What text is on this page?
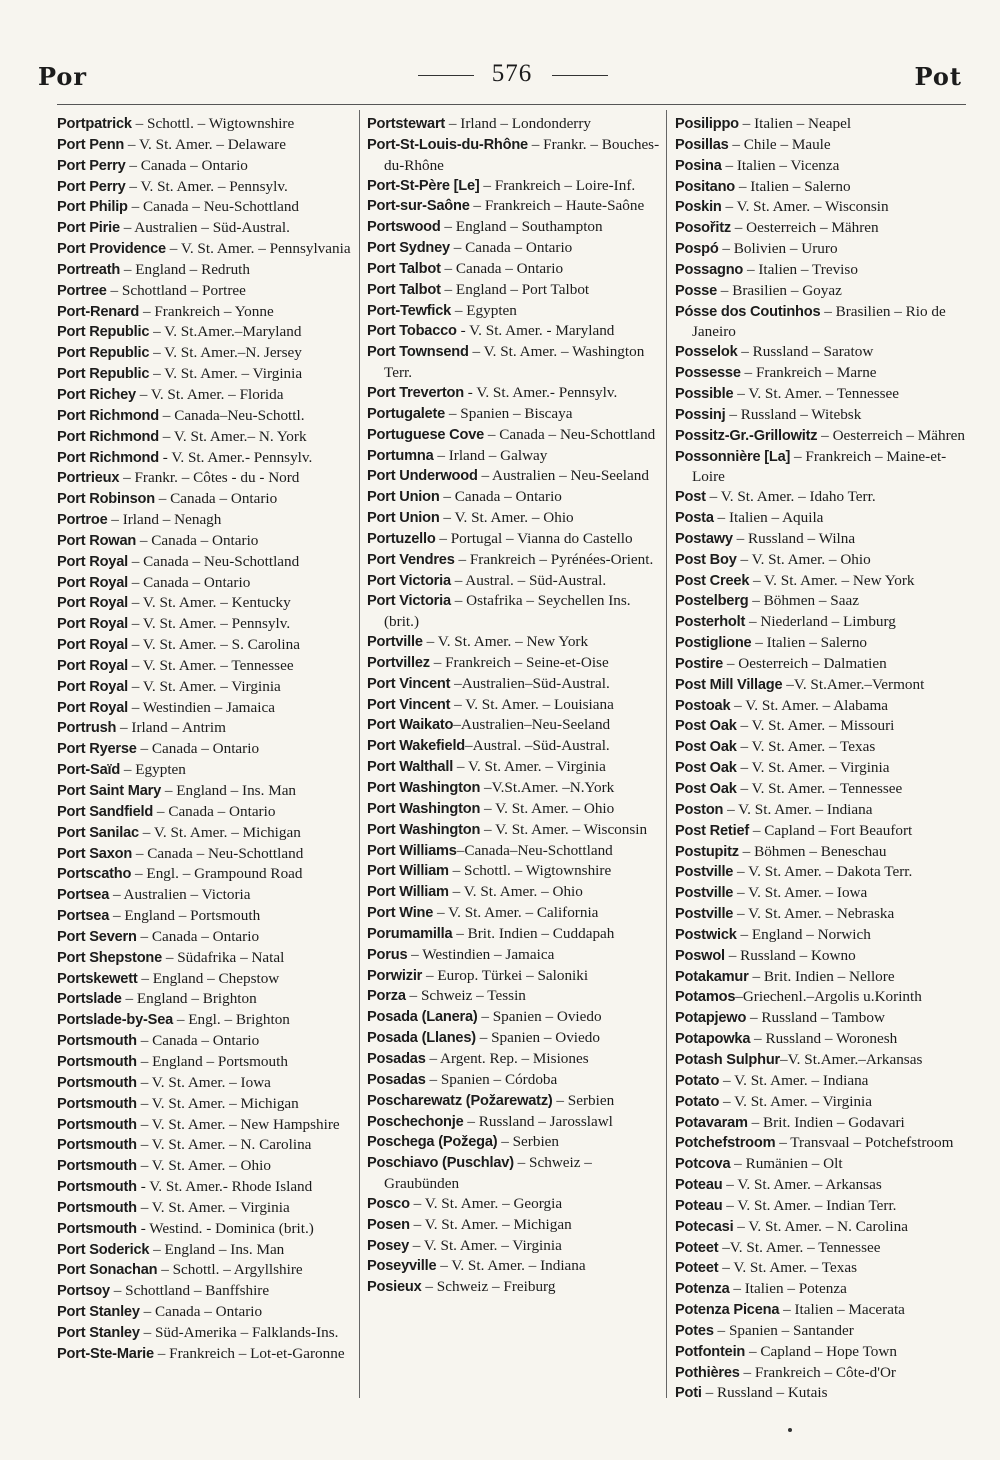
Por	576	Pot
Portpatrick – Schottl. – Wigtownshire
Port Penn – V. St. Amer. – Delaware
Port Perry – Canada – Ontario
Port Perry – V. St. Amer. – Pennsylv.
Port Philip – Canada – Neu-Schottland
Port Pirie – Australien – Süd-Austral.
Port Providence – V. St. Amer. – Pennsylvania
Portreath – England – Redruth
Portree – Schottland – Portree
Port-Renard – Frankreich – Yonne
Port Republic – V. St.Amer.–Maryland
Port Republic – V. St. Amer.–N. Jersey
Port Republic – V. St. Amer. – Virginia
Port Richey – V. St. Amer. – Florida
Port Richmond – Canada–Neu-Schottl.
Port Richmond – V. St. Amer.– N. York
Port Richmond - V. St. Amer.- Pennsylv.
Portrieux – Frankr. – Côtes - du - Nord
Port Robinson – Canada – Ontario
Portroe – Irland – Nenagh
Port Rowan – Canada – Ontario
Port Royal – Canada – Neu-Schottland
Port Royal – Canada – Ontario
Port Royal – V. St. Amer. – Kentucky
Port Royal – V. St. Amer. – Pennsylv.
Port Royal – V. St. Amer. – S. Carolina
Port Royal – V. St. Amer. – Tennessee
Port Royal – V. St. Amer. – Virginia
Port Royal – Westindien – Jamaica
Portrush – Irland – Antrim
Port Ryerse – Canada – Ontario
Port-Saïd – Egypten
Port Saint Mary – England – Ins. Man
Port Sandfield – Canada – Ontario
Port Sanilac – V. St. Amer. – Michigan
Port Saxon – Canada – Neu-Schottland
Portscatho – Engl. – Grampound Road
Portsea – Australien – Victoria
Portsea – England – Portsmouth
Port Severn – Canada – Ontario
Port Shepstone – Südafrika – Natal
Portskewett – England – Chepstow
Portslade – England – Brighton
Portslade-by-Sea – Engl. – Brighton
Portsmouth – Canada – Ontario
Portsmouth – England – Portsmouth
Portsmouth – V. St. Amer. – Iowa
Portsmouth – V. St. Amer. – Michigan
Portsmouth – V. St. Amer. – New Hampshire
Portsmouth – V. St. Amer. – N. Carolina
Portsmouth – V. St. Amer. – Ohio
Portsmouth - V. St. Amer.- Rhode Island
Portsmouth – V. St. Amer. – Virginia
Portsmouth - Westind. - Dominica (brit.)
Port Soderick – England – Ins. Man
Port Sonachan – Schottl. – Argyllshire
Portsoy – Schottland – Banffshire
Port Stanley – Canada – Ontario
Port Stanley – Süd-Amerika – Falklands-Ins.
Port-Ste-Marie – Frankreich – Lot-et-Garonne
Portstewart – Irland – Londonderry
Port-St-Louis-du-Rhône – Frankr. – Bouches-du-Rhône
Port-St-Père [Le] – Frankreich – Loire-Inf.
Port-sur-Saône – Frankreich – Haute-Saône
Portswood – England – Southampton
Port Sydney – Canada – Ontario
Port Talbot – Canada – Ontario
Port Talbot – England – Port Talbot
Port-Tewfick – Egypten
Port Tobacco - V. St. Amer. - Maryland
Port Townsend – V. St. Amer. – Washington Terr.
Port Treverton - V. St. Amer.- Pennsylv.
Portugalete – Spanien – Biscaya
Portuguese Cove – Canada – Neu-Schottland
Portumna – Irland – Galway
Port Underwood – Australien – Neu-Seeland
Port Union – Canada – Ontario
Port Union – V. St. Amer. – Ohio
Portuzello – Portugal – Vianna do Castello
Port Vendres – Frankreich – Pyrénées-Orient.
Port Victoria – Austral. – Süd-Austral.
Port Victoria – Ostafrika – Seychellen Ins. (brit.)
Portville – V. St. Amer. – New York
Portvillez – Frankreich – Seine-et-Oise
Port Vincent –Australien–Süd-Austral.
Port Vincent – V. St. Amer. – Louisiana
Port Waikato–Australien–Neu-Seeland
Port Wakefield–Austral. –Süd-Austral.
Port Walthall – V. St. Amer. – Virginia
Port Washington –V.St.Amer. –N.York
Port Washington – V. St. Amer. – Ohio
Port Washington – V. St. Amer. – Wisconsin
Port Williams–Canada–Neu-Schottland
Port William – Schottl. – Wigtownshire
Port William – V. St. Amer. – Ohio
Port Wine – V. St. Amer. – California
Porumamilla – Brit. Indien – Cuddapah
Porus – Westindien – Jamaica
Porwizir – Europ. Türkei – Saloniki
Porza – Schweiz – Tessin
Posada (Lanera) – Spanien – Oviedo
Posada (Llanes) – Spanien – Oviedo
Posadas – Argent. Rep. – Misiones
Posadas – Spanien – Córdoba
Poscharewatz (Požarewatz) – Serbien
Poschechonje – Russland – Jarosslawl
Poschega (Požega) – Serbien
Poschiavo (Puschlav) – Schweiz – Graubünden
Posco – V. St. Amer. – Georgia
Posen – V. St. Amer. – Michigan
Posey – V. St. Amer. – Virginia
Poseyville – V. St. Amer. – Indiana
Posieux – Schweiz – Freiburg
Posilippo – Italien – Neapel
Posillas – Chile – Maule
Posina – Italien – Vicenza
Positano – Italien – Salerno
Poskin – V. St. Amer. – Wisconsin
Posořitz – Oesterreich – Mähren
Pospó – Bolivien – Ururo
Possagno – Italien – Treviso
Posse – Brasilien – Goyaz
Pósse dos Coutinhos – Brasilien – Rio de Janeiro
Posselok – Russland – Saratow
Possesse – Frankreich – Marne
Possible – V. St. Amer. – Tennessee
Possinj – Russland – Witebsk
Possitz-Gr.-Grillowitz – Oesterreich – Mähren
Possonnière [La] – Frankreich – Maine-et-Loire
Post – V. St. Amer. – Idaho Terr.
Posta – Italien – Aquila
Postawy – Russland – Wilna
Post Boy – V. St. Amer. – Ohio
Post Creek – V. St. Amer. – New York
Postelberg – Böhmen – Saaz
Posterholt – Niederland – Limburg
Postiglione – Italien – Salerno
Postire – Oesterreich – Dalmatien
Post Mill Village –V. St.Amer.–Vermont
Postoak – V. St. Amer. – Alabama
Post Oak – V. St. Amer. – Missouri
Post Oak – V. St. Amer. – Texas
Post Oak – V. St. Amer. – Virginia
Post Oak – V. St. Amer. – Tennessee
Poston – V. St. Amer. – Indiana
Post Retief – Capland – Fort Beaufort
Postupitz – Böhmen – Beneschau
Postville – V. St. Amer. – Dakota Terr.
Postville – V. St. Amer. – Iowa
Postville – V. St. Amer. – Nebraska
Postwick – England – Norwich
Poswol – Russland – Kowno
Potakamur – Brit. Indien – Nellore
Potamos–Griechenl.–Argolis u.Korinth
Potapjewo – Russland – Tambow
Potapowka – Russland – Woronesh
Potash Sulphur–V. St.Amer.–Arkansas
Potato – V. St. Amer. – Indiana
Potato – V. St. Amer. – Virginia
Potavaram – Brit. Indien – Godavari
Potchefstroom – Transvaal – Potchefstroom
Potcova – Rumänien – Olt
Poteau – V. St. Amer. – Arkansas
Poteau – V. St. Amer. – Indian Terr.
Potecasi – V. St. Amer. – N. Carolina
Poteet –V. St. Amer. – Tennessee
Poteet – V. St. Amer. – Texas
Potenza – Italien – Potenza
Potenza Picena – Italien – Macerata
Potes – Spanien – Santander
Potfontein – Capland – Hope Town
Pothières – Frankreich – Côte-d'Or
Poti – Russland – Kutais
